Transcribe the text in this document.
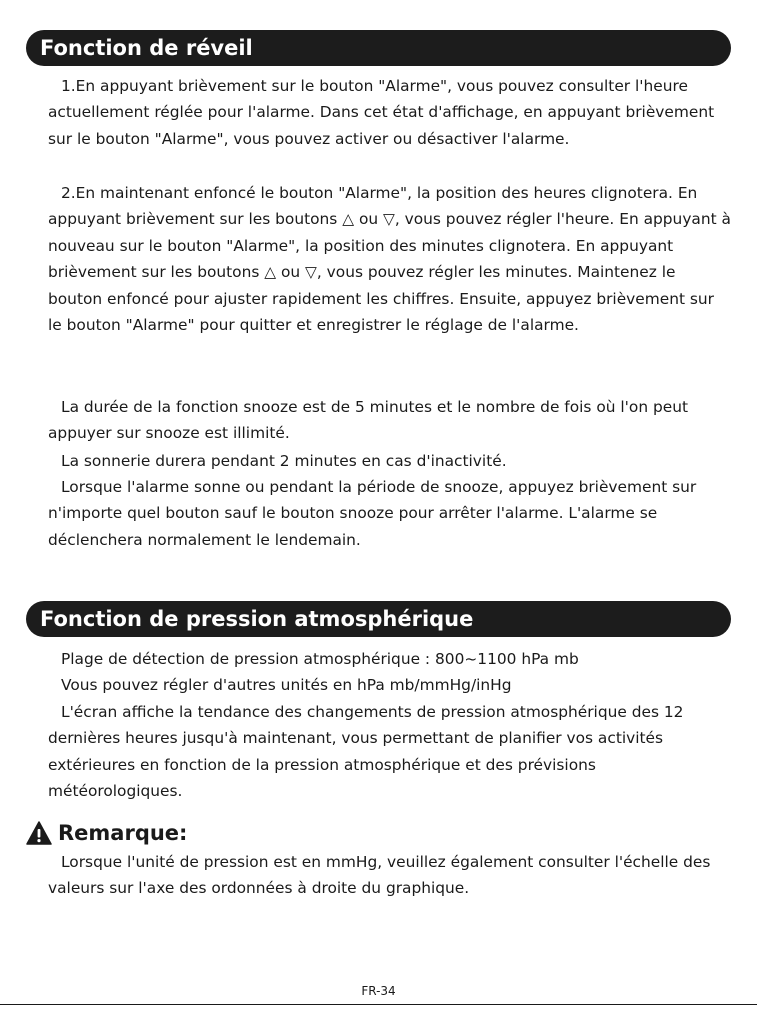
Fonction de réveil

1.En appuyant brièvement sur le bouton "Alarme", vous pouvez consulter l'heure actuellement réglée pour l'alarme. Dans cet état d'affichage, en appuyant brièvement sur le bouton "Alarme", vous pouvez activer ou désactiver l'alarme.

2.En maintenant enfoncé le bouton "Alarme", la position des heures clignotera. En appuyant brièvement sur les boutons △ ou ▽, vous pouvez régler l'heure. En appuyant à nouveau sur le bouton "Alarme", la position des minutes clignotera. En appuyant brièvement sur les boutons △ ou ▽, vous pouvez régler les minutes. Maintenez le bouton enfoncé pour ajuster rapidement les chiffres. Ensuite, appuyez brièvement sur le bouton "Alarme" pour quitter et enregistrer le réglage de l'alarme.

La durée de la fonction snooze est de 5 minutes et le nombre de fois où l'on peut appuyer sur snooze est illimité.

La sonnerie durera pendant 2 minutes en cas d'inactivité.

Lorsque l'alarme sonne ou pendant la période de snooze, appuyez brièvement sur n'importe quel bouton sauf le bouton snooze pour arrêter l'alarme. L'alarme se déclenchera normalement le lendemain.

Fonction de pression atmosphérique

Plage de détection de pression atmosphérique : 800~1100 hPa mb

Vous pouvez régler d'autres unités en hPa mb/mmHg/inHg

L'écran affiche la tendance des changements de pression atmosphérique des 12 dernières heures jusqu'à maintenant, vous permettant de planifier vos activités extérieures en fonction de la pression atmosphérique et des prévisions météorologiques.

Remarque:

Lorsque l'unité de pression est en mmHg, veuillez également consulter l'échelle des valeurs sur l'axe des ordonnées à droite du graphique.

FR-34
